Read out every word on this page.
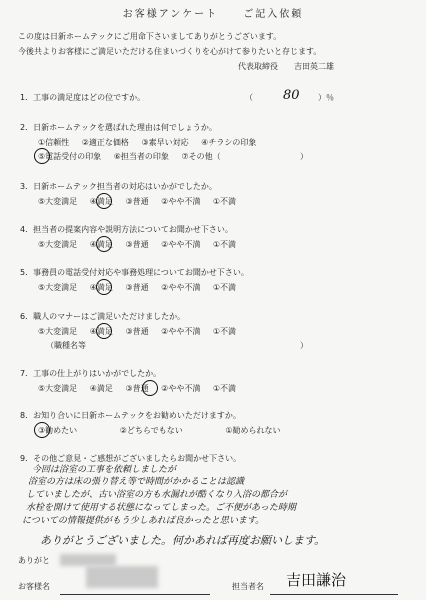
お客様アンケート	ご記入依頼
この度は日新ホームテックにご用命下さいましてありがとうございます。
今後共よりお客様にご満足いただける住まいづくりを心がけて参りたいと存じます。
代表取締役　　吉田英二雄
1．工事の満足度はどの位ですか。	（ 80 ）％
2．日新ホームテックを選ばれた理由は何でしょうか。
①信頼性 ②適正な価格 ③素早い対応 ④チラシの印象
⑤電話受付の印象 ⑥担当者の印象 ⑦その他（	）
3．日新ホームテック担当者の対応はいかがでしたか。
⑤大変満足 ④満足 ③普通 ②やや不満 ①不満
4．担当者の提案内容や説明方法についてお聞かせ下さい。
⑤大変満足 ④満足 ③普通 ②やや不満 ①不満
5．事務員の電話受付対応や事務処理についてお聞かせ下さい。
⑤大変満足 ④満足 ③普通 ②やや不満 ①不満
6．職人のマナーはご満足いただけましたか。
⑤大変満足 ④満足 ③普通 ②やや不満 ①不満
（職種名等	）
7．工事の仕上がりはいかがでしたか。
⑤大変満足 ④満足 ③普通 ②やや不満 ①不満
8．お知り合いに日新ホームテックをお勧めいただけますか。
③勧めたい	②どちらでもない	①勧められない
9．その他ご意見・ご感想がございましたらお聞かせ下さい。
今回は浴室の工事を依頼しましたが
浴室の方は床の張り替え等で時間がかかることは認識
していましたが、古い浴室の方も水漏れが酷くなり入浴の都合が
水栓を開けて使用する状態になってしまった。ご不便があった時期
についての情報提供がもう少しあれば良かったと思います。
ありがとうございました。何かあれば再度お願いします。
ありがと
お客様名	担当者名 吉田謙治
